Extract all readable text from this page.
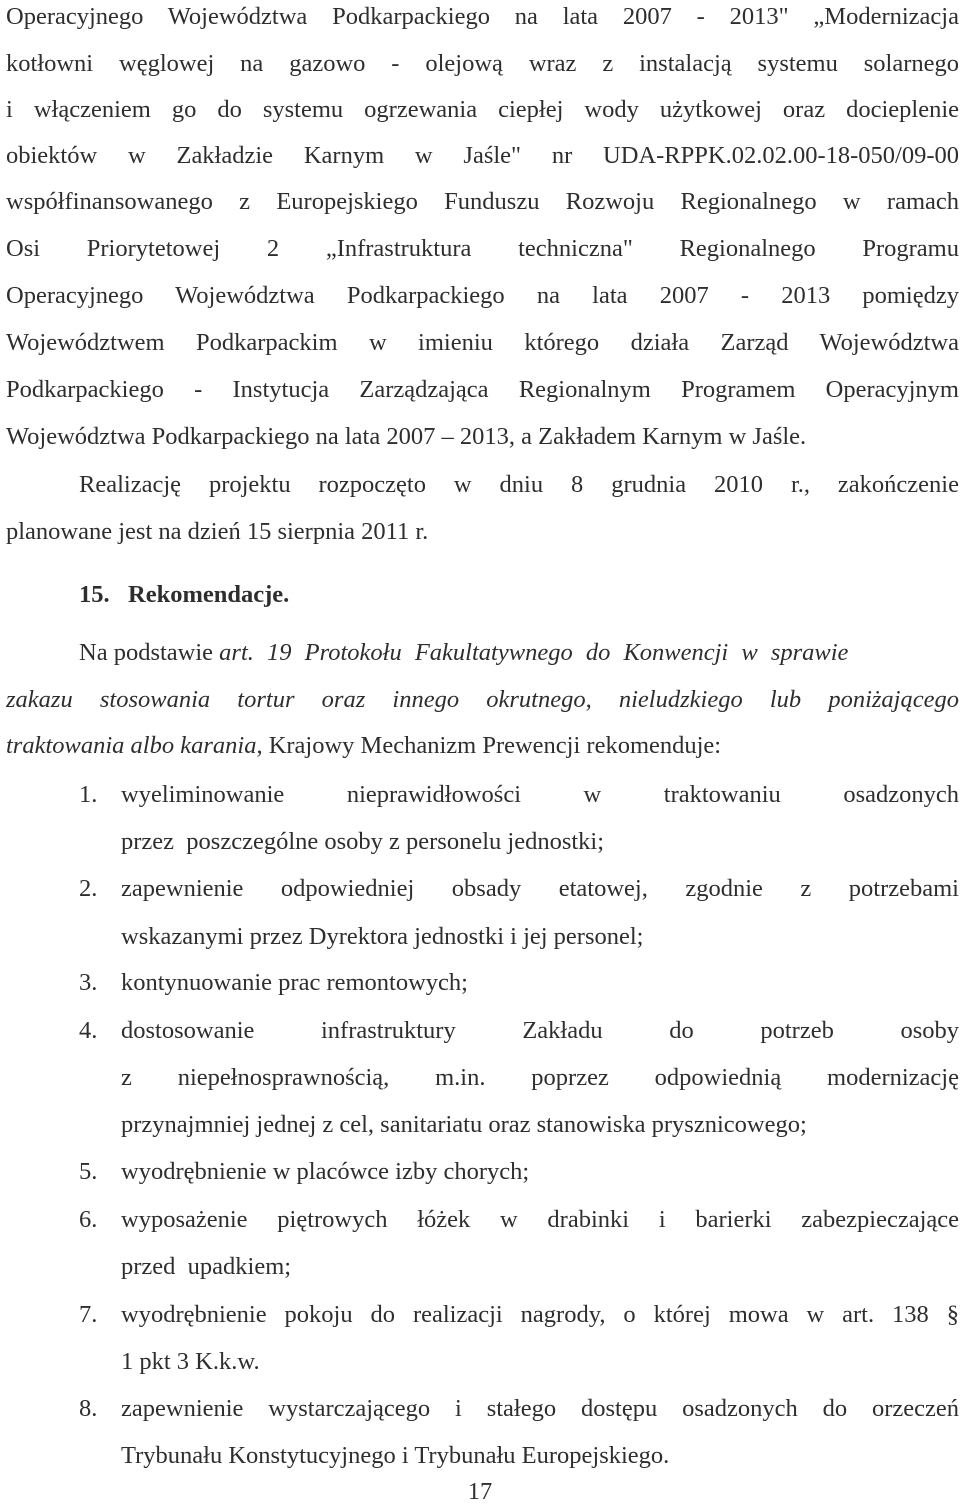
Operacyjnego Województwa Podkarpackiego na lata 2007 - 2013" „Modernizacja
kotłowni węglowej na gazowo - olejową wraz z instalacją systemu solarnego
i włączeniem go do systemu ogrzewania ciepłej wody użytkowej oraz docieplenie
obiektów w Zakładzie Karnym w Jaśle" nr UDA-RPPK.02.02.00-18-050/09-00
współfinansowanego z Europejskiego Funduszu Rozwoju Regionalnego w ramach
Osi Priorytetowej 2 „Infrastruktura techniczna" Regionalnego Programu
Operacyjnego Województwa Podkarpackiego na lata 2007 - 2013 pomiędzy
Województwem Podkarpackim w imieniu którego działa Zarząd Województwa
Podkarpackiego - Instytucja Zarządzająca Regionalnym Programem Operacyjnym
Województwa Podkarpackiego na lata 2007 – 2013, a Zakładem Karnym w Jaśle.
Realizację projektu rozpoczęto w dniu 8 grudnia 2010 r., zakończenie
planowane jest na dzień 15 sierpnia 2011 r.
15.   Rekomendacje.
Na podstawie art. 19 Protokołu Fakultatywnego do Konwencji w sprawie
zakazu stosowania tortur oraz innego okrutnego, nieludzkiego lub poniżającego
traktowania albo karania, Krajowy Mechanizm Prewencji rekomenduje:
1. wyeliminowanie nieprawidłowości w traktowaniu osadzonych
przez  poszczególne osoby z personelu jednostki;
2. zapewnienie odpowiedniej obsady etatowej, zgodnie z potrzebami
wskazanymi przez Dyrektora jednostki i jej personel;
3. kontynuowanie prac remontowych;
4. dostosowanie infrastruktury Zakładu do potrzeb osoby
z niepełnosprawnością, m.in. poprzez odpowiednią modernizację
przynajmniej jednej z cel, sanitariatu oraz stanowiska prysznicowego;
5. wyodrębnienie w placówce izby chorych;
6. wyposażenie piętrowych łóżek w drabinki i barierki zabezpieczające
przed  upadkiem;
7. wyodrębnienie pokoju do realizacji nagrody, o której mowa w art. 138 §
1 pkt 3 K.k.w.
8. zapewnienie wystarczającego i stałego dostępu osadzonych do orzeczeń
Trybunału Konstytucyjnego i Trybunału Europejskiego.
17
